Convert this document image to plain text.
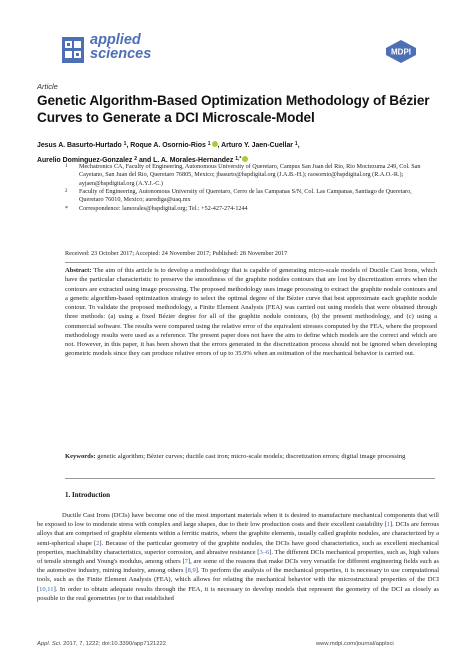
applied
sciences	MDPI
Article
Genetic Algorithm-Based Optimization Methodology of Bézier Curves to Generate a DCI Microscale-Model
Jesus A. Basurto-Hurtado $^1$, Roque A. Osornio-Rios $^1$ , Arturo Y. Jaen-Cuellar $^1$,
Aurelio Dominguez-Gonzalez $^2$ and L. A. Morales-Hernandez $^{1,*}$
1 Mechatronics CA, Faculty of Engineering, Autonomous University of Queretaro, Campus San Juan del Rio, Rio Moctezuma 249, Col. San Cayetano, San Juan del Rio, Queretaro 76805, Mexico; jbasurto@hspdigital.org (J.A.B.-H.); raosornio@hspdigital.org (R.A.O.-R.); ayjaen@hspdigital.org (A.Y.J.-C.)
2 Faculty of Engineering, Autonomous University of Queretaro, Cerro de las Campanas S/N, Col. Las Campanas, Santiago de Queretaro, Queretaro 76010, Mexico; aurediga@uaq.mx
* Correspondence: lamorales@hspdigital.org; Tel.: +52-427-274-1244
Received: 23 October 2017; Accepted: 24 November 2017; Published: 28 November 2017
Abstract: The aim of this article is to develop a methodology that is capable of generating micro-scale models of Ductile Cast Irons, which have the particular characteristic to preserve the smoothness of the graphite nodules contours that are lost by discretization errors when the contours are extracted using image processing. The proposed methodology uses image processing to extract the graphite nodule contours and a genetic algorithm-based optimization strategy to select the optimal degree of the Bézier curve that best approximate each graphite nodule contour. To validate the proposed methodology, a Finite Element Analysis (FEA) was carried out using models that were obtained through three methods: (a) using a fixed Bézier degree for all of the graphite nodule contours, (b) the present methodology, and (c) using a commercial software. The results were compared using the relative error of the equivalent stresses computed by the FEA, where the proposed methodology results were used as a reference. The present paper does not have the aim to define which models are the correct and which are not. However, in this paper, it has been shown that the errors generated in the discretization process should not be ignored when developing geometric models since they can produce relative errors of up to 35.9% when an estimation of the mechanical behavior is carried out.
Keywords: genetic algorithm; Bézier curves; ductile cast iron; micro-scale models; discretization errors; digital image processing
1. Introduction
Ductile Cast Irons (DCIs) have become one of the most important materials when it is desired to manufacture mechanical components that will be exposed to low to moderate stress with complex and large shapes, due to their low production costs and their excellent castability [1]. DCIs are ferrous alloys that are comprised of graphite elements within a ferritic matrix, where the graphite elements, usually called graphite nodules, are characterized by a semi-spherical shape [2]. Because of the particular geometry of the graphite nodules, the DCIs have good characteristics, such as excellent mechanical properties, machinability characteristics, superior corrosion, and abrasive resistance [3–6]. The different DCIs mechanical properties, such as, high values of tensile strength and Young's modulus, among others [7], are some of the reasons that make DCIs very versatile for different engineering fields such as the automotive industry, mining industry, among others [8,9]. To perform the analysis of the mechanical properties, it is necessary to use computational tools, such as the Finite Element Analysis (FEA), which allows for relating the mechanical behavior with the microstructural properties of the DCI [10,11]. In order to obtain adequate results through the FEA, it is necessary to develop models that represent the geometry of the DCI as closely as possible to the real geometries (or to that established
Appl. Sci. 2017, 7, 1222; doi:10.3390/app7121222	www.mdpi.com/journal/applsci
